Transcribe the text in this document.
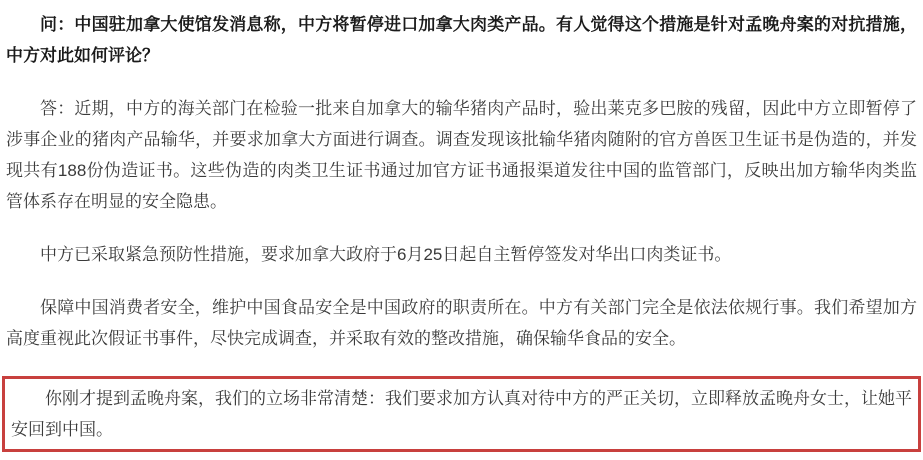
问：中国驻加拿大使馆发消息称，中方将暂停进口加拿大肉类产品。有人觉得这个措施是针对孟晚舟案的对抗措施，中方对此如何评论？

答：近期，中方的海关部门在检验一批来自加拿大的输华猪肉产品时，验出莱克多巴胺的残留，因此中方立即暂停了涉事企业的猪肉产品输华，并要求加拿大方面进行调查。调查发现该批输华猪肉随附的官方兽医卫生证书是伪造的，并发现共有188份伪造证书。这些伪造的肉类卫生证书通过加官方证书通报渠道发往中国的监管部门，反映出加方输华肉类监管体系存在明显的安全隐患。

中方已采取紧急预防性措施，要求加拿大政府于6月25日起自主暂停签发对华出口肉类证书。

保障中国消费者安全，维护中国食品安全是中国政府的职责所在。中方有关部门完全是依法依规行事。我们希望加方高度重视此次假证书事件，尽快完成调查，并采取有效的整改措施，确保输华食品的安全。

你刚才提到孟晚舟案，我们的立场非常清楚：我们要求加方认真对待中方的严正关切，立即释放孟晚舟女士，让她平安回到中国。
